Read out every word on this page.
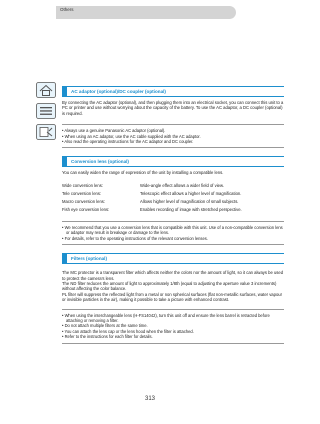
Others
AC adaptor (optional)/DC coupler (optional)

By connecting the AC adaptor (optional), and then plugging them into an electrical socket, you can connect this unit to a PC or printer and use without worrying about the capacity of the battery. To use the AC adaptor, a DC coupler (optional) is required.

• Always use a genuine Panasonic AC adaptor (optional).
• When using an AC adaptor, use the AC cable supplied with the AC adaptor.
• Also read the operating instructions for the AC adaptor and DC coupler.
Conversion lens (optional)

You can easily widen the range of expression of the unit by installing a compatible lens.

Wide conversion lens:	Wide-angle effect allows a wider field of view.
Tele conversion lens:	Telescopic effect allows a higher level of magnification.
Macro conversion lens:	Allows higher level of magnification of small subjects.
Fish eye conversion lens:	Enables recording of image with stretched perspective.
• We recommend that you use a conversion lens that is compatible with this unit. Use of a non-compatible conversion lens or adaptor may result in breakage or damage to the lens.
• For details, refer to the operating instructions of the relevant conversion lenses.
Filters (optional)

The MC protector is a transparent filter which affects neither the colors nor the amount of light, so it can always be used to protect the camera's lens.

The ND filter reduces the amount of light to approximately 1/8th (equal to adjusting the aperture value 3 increments) without affecting the color balance.

PL filter will suppress the reflected light from a metal or non spherical surfaces (flat non-metallic surfaces, water vapour or invisible particles in the air), making it possible to take a picture with enhanced contrast.

• When using the interchangeable lens (H-FS14042), turn this unit off and ensure the lens barrel is retracted before attaching or removing a filter.
• Do not attach multiple filters at the same time.
• You can attach the lens cap or the lens hood when the filter is attached.
• Refer to the instructions for each filter for details.
313
